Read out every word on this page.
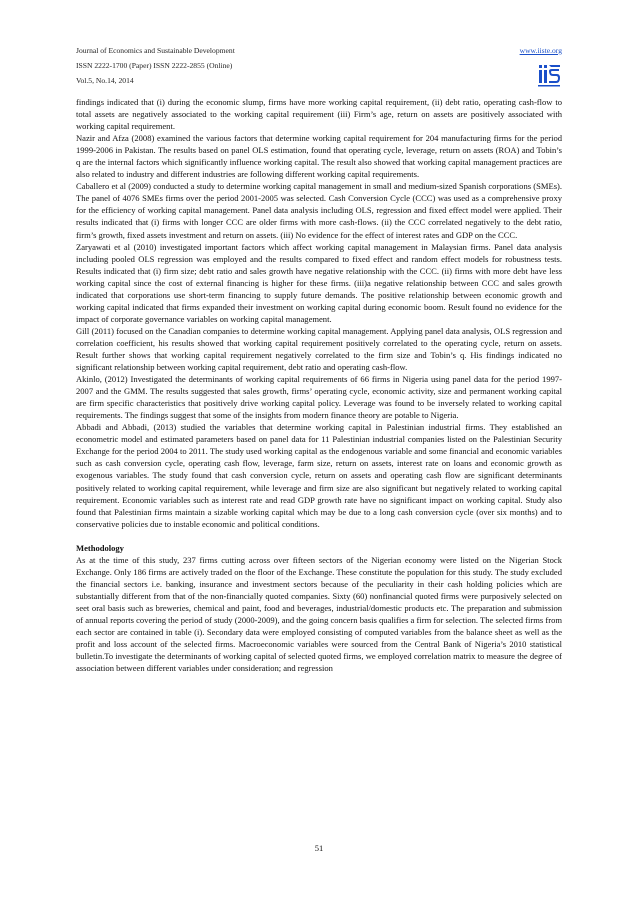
Journal of Economics and Sustainable Development
ISSN 2222-1700 (Paper) ISSN 2222-2855 (Online)
Vol.5, No.14, 2014
www.iiste.org

findings indicated that (i) during the economic slump, firms have more working capital requirement, (ii) debt ratio, operating cash-flow to total assets are negatively associated to the working capital requirement (iii) Firm’s age, return on assets are positively associated with working capital requirement.

Nazir and Afza (2008) examined the various factors that determine working capital requirement for 204 manufacturing firms for the period 1999-2006 in Pakistan. The results based on panel OLS estimation, found that operating cycle, leverage, return on assets (ROA) and Tobin’s q are the internal factors which significantly influence working capital. The result also showed that working capital management practices are also related to industry and different industries are following different working capital requirements.

Caballero et al (2009) conducted a study to determine working capital management in small and medium-sized Spanish corporations (SMEs). The panel of 4076 SMEs firms over the period 2001-2005 was selected. Cash Conversion Cycle (CCC) was used as a comprehensive proxy for the efficiency of working capital management. Panel data analysis including OLS, regression and fixed effect model were applied. Their results indicated that (i) firms with longer CCC are older firms with more cash-flows. (ii) the CCC correlated negatively to the debt ratio, firm’s growth, fixed assets investment and return on assets. (iii) No evidence for the effect of interest rates and GDP on the CCC.

Zaryawati et al (2010) investigated important factors which affect working capital management in Malaysian firms. Panel data analysis including pooled OLS regression was employed and the results compared to fixed effect and random effect models for robustness tests. Results indicated that (i) firm size; debt ratio and sales growth have negative relationship with the CCC. (ii) firms with more debt have less working capital since the cost of external financing is higher for these firms. (iii)a negative relationship between CCC and sales growth indicated that corporations use short-term financing to supply future demands. The positive relationship between economic growth and working capital indicated that firms expanded their investment on working capital during economic boom. Result found no evidence for the impact of corporate governance variables on working capital management.

Gill (2011) focused on the Canadian companies to determine working capital management. Applying panel data analysis, OLS regression and correlation coefficient, his results showed that working capital requirement positively correlated to the operating cycle, return on assets. Result further shows that working capital requirement negatively correlated to the firm size and Tobin’s q. His findings indicated no significant relationship between working capital requirement, debt ratio and operating cash-flow.

Akinlo, (2012) Investigated the determinants of working capital requirements of 66 firms in Nigeria using panel data for the period 1997-2007 and the GMM. The results suggested that sales growth, firms’ operating cycle, economic activity, size and permanent working capital are firm specific characteristics that positively drive working capital policy. Leverage was found to be inversely related to working capital requirements. The findings suggest that some of the insights from modern finance theory are potable to Nigeria.

Abbadi and Abbadi, (2013) studied the variables that determine working capital in Palestinian industrial firms. They established an econometric model and estimated parameters based on panel data for 11 Palestinian industrial companies listed on the Palestinian Security Exchange for the period 2004 to 2011. The study used working capital as the endogenous variable and some financial and economic variables such as cash conversion cycle, operating cash flow, leverage, farm size, return on assets, interest rate on loans and economic growth as exogenous variables. The study found that cash conversion cycle, return on assets and operating cash flow are significant determinants positively related to working capital requirement, while leverage and firm size are also significant but negatively related to working capital requirement. Economic variables such as interest rate and read GDP growth rate have no significant impact on working capital. Study also found that Palestinian firms maintain a sizable working capital which may be due to a long cash conversion cycle (over six months) and to conservative policies due to instable economic and political conditions.

Methodology

As at the time of this study, 237 firms cutting across over fifteen sectors of the Nigerian economy were listed on the Nigerian Stock Exchange. Only 186 firms are actively traded on the floor of the Exchange. These constitute the population for this study. The study excluded the financial sectors i.e. banking, insurance and investment sectors because of the peculiarity in their cash holding policies which are substantially different from that of the non-financially quoted companies. Sixty (60) nonfinancial quoted firms were purposively selected on seet oral basis such as breweries, chemical and paint, food and beverages, industrial/domestic products etc. The preparation and submission of annual reports covering the period of study (2000-2009), and the going concern basis qualifies a firm for selection. The selected firms from each sector are contained in table (i). Secondary data were employed consisting of computed variables from the balance sheet as well as the profit and loss account of the selected firms. Macroeconomic variables were sourced from the Central Bank of Nigeria’s 2010 statistical bulletin.To investigate the determinants of working capital of selected quoted firms, we employed correlation matrix to measure the degree of association between different variables under consideration; and regression

51
